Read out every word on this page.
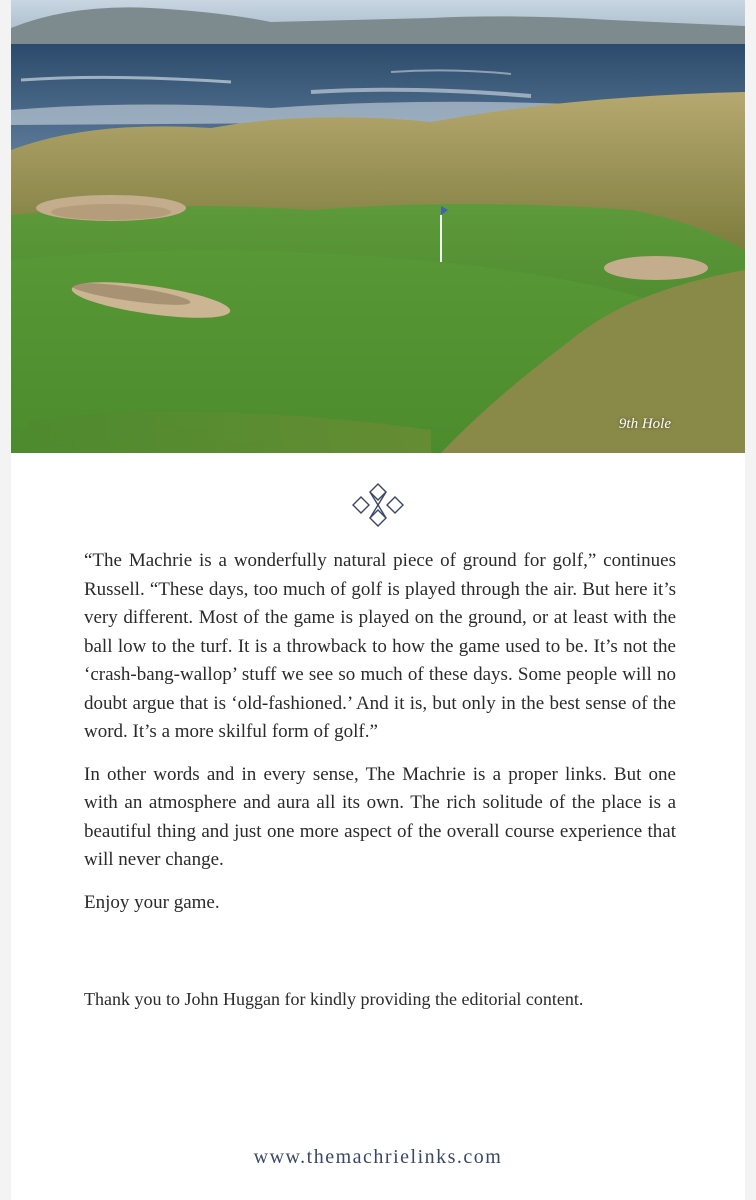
9th Hole

“The Machrie is a wonderfully natural piece of ground for golf,” continues Russell. “These days, too much of golf is played through the air. But here it’s very different. Most of the game is played on the ground, or at least with the ball low to the turf. It is a throwback to how the game used to be. It’s not the ‘crash-bang-wallop’ stuff we see so much of these days. Some people will no doubt argue that is ‘old-fashioned.’ And it is, but only in the best sense of the word. It’s a more skilful form of golf.”

In other words and in every sense, The Machrie is a proper links. But one with an atmosphere and aura all its own. The rich solitude of the place is a beautiful thing and just one more aspect of the overall course experience that will never change.

Enjoy your game.

Thank you to John Huggan for kindly providing the editorial content.
www.themachrielinks.com
